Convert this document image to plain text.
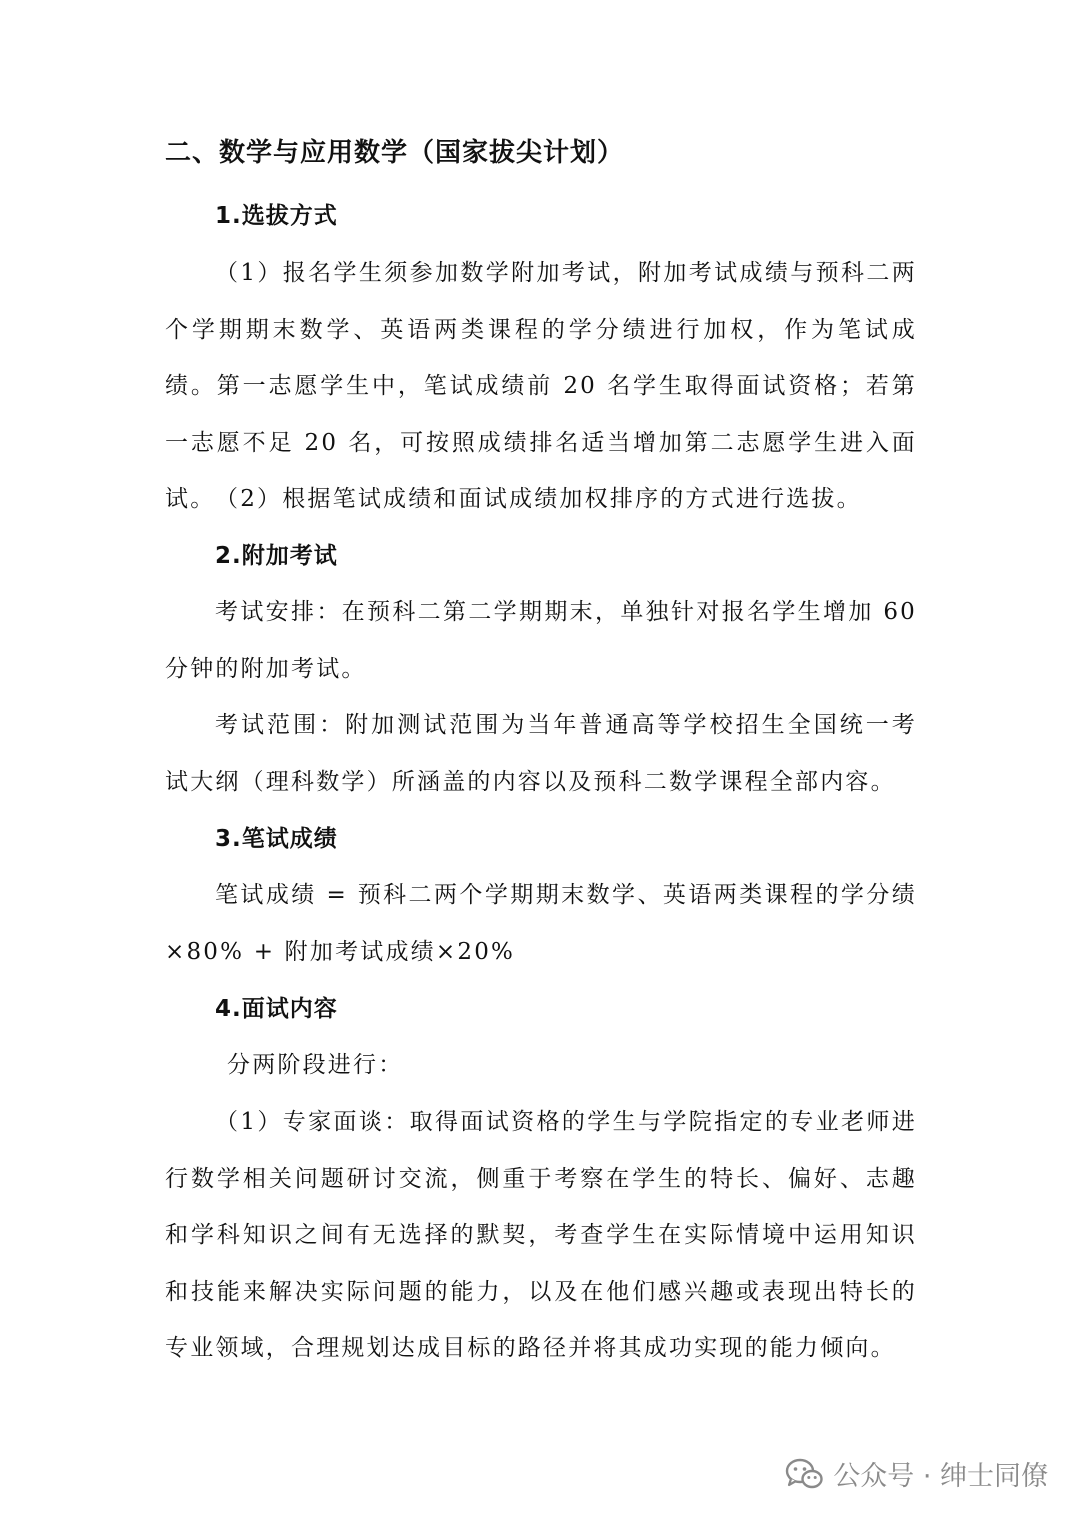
二、数学与应用数学（国家拔尖计划）
1.选拔方式
（1）报名学生须参加数学附加考试，附加考试成绩与预科二两个学期期末数学、英语两类课程的学分绩进行加权，作为笔试成绩。第一志愿学生中，笔试成绩前 20 名学生取得面试资格；若第一志愿不足 20 名，可按照成绩排名适当增加第二志愿学生进入面试。 （2）根据笔试成绩和面试成绩加权排序的方式进行选拔。
2.附加考试
考试安排：在预科二第二学期期末，单独针对报名学生增加 60 分钟的附加考试。
考试范围：附加测试范围为当年普通高等学校招生全国统一考试大纲（理科数学）所涵盖的内容以及预科二数学课程全部内容。
3.笔试成绩
笔试成绩 = 预科二两个学期期末数学、英语两类课程的学分绩×80% + 附加考试成绩×20%
4.面试内容
分两阶段进行：
（1）专家面谈：取得面试资格的学生与学院指定的专业老师进行数学相关问题研讨交流，侧重于考察在学生的特长、偏好、志趣和学科知识之间有无选择的默契，考查学生在实际情境中运用知识和技能来解决实际问题的能力，以及在他们感兴趣或表现出特长的专业领域，合理规划达成目标的路径并将其成功实现的能力倾向。
公众号 · 绅士同僚
